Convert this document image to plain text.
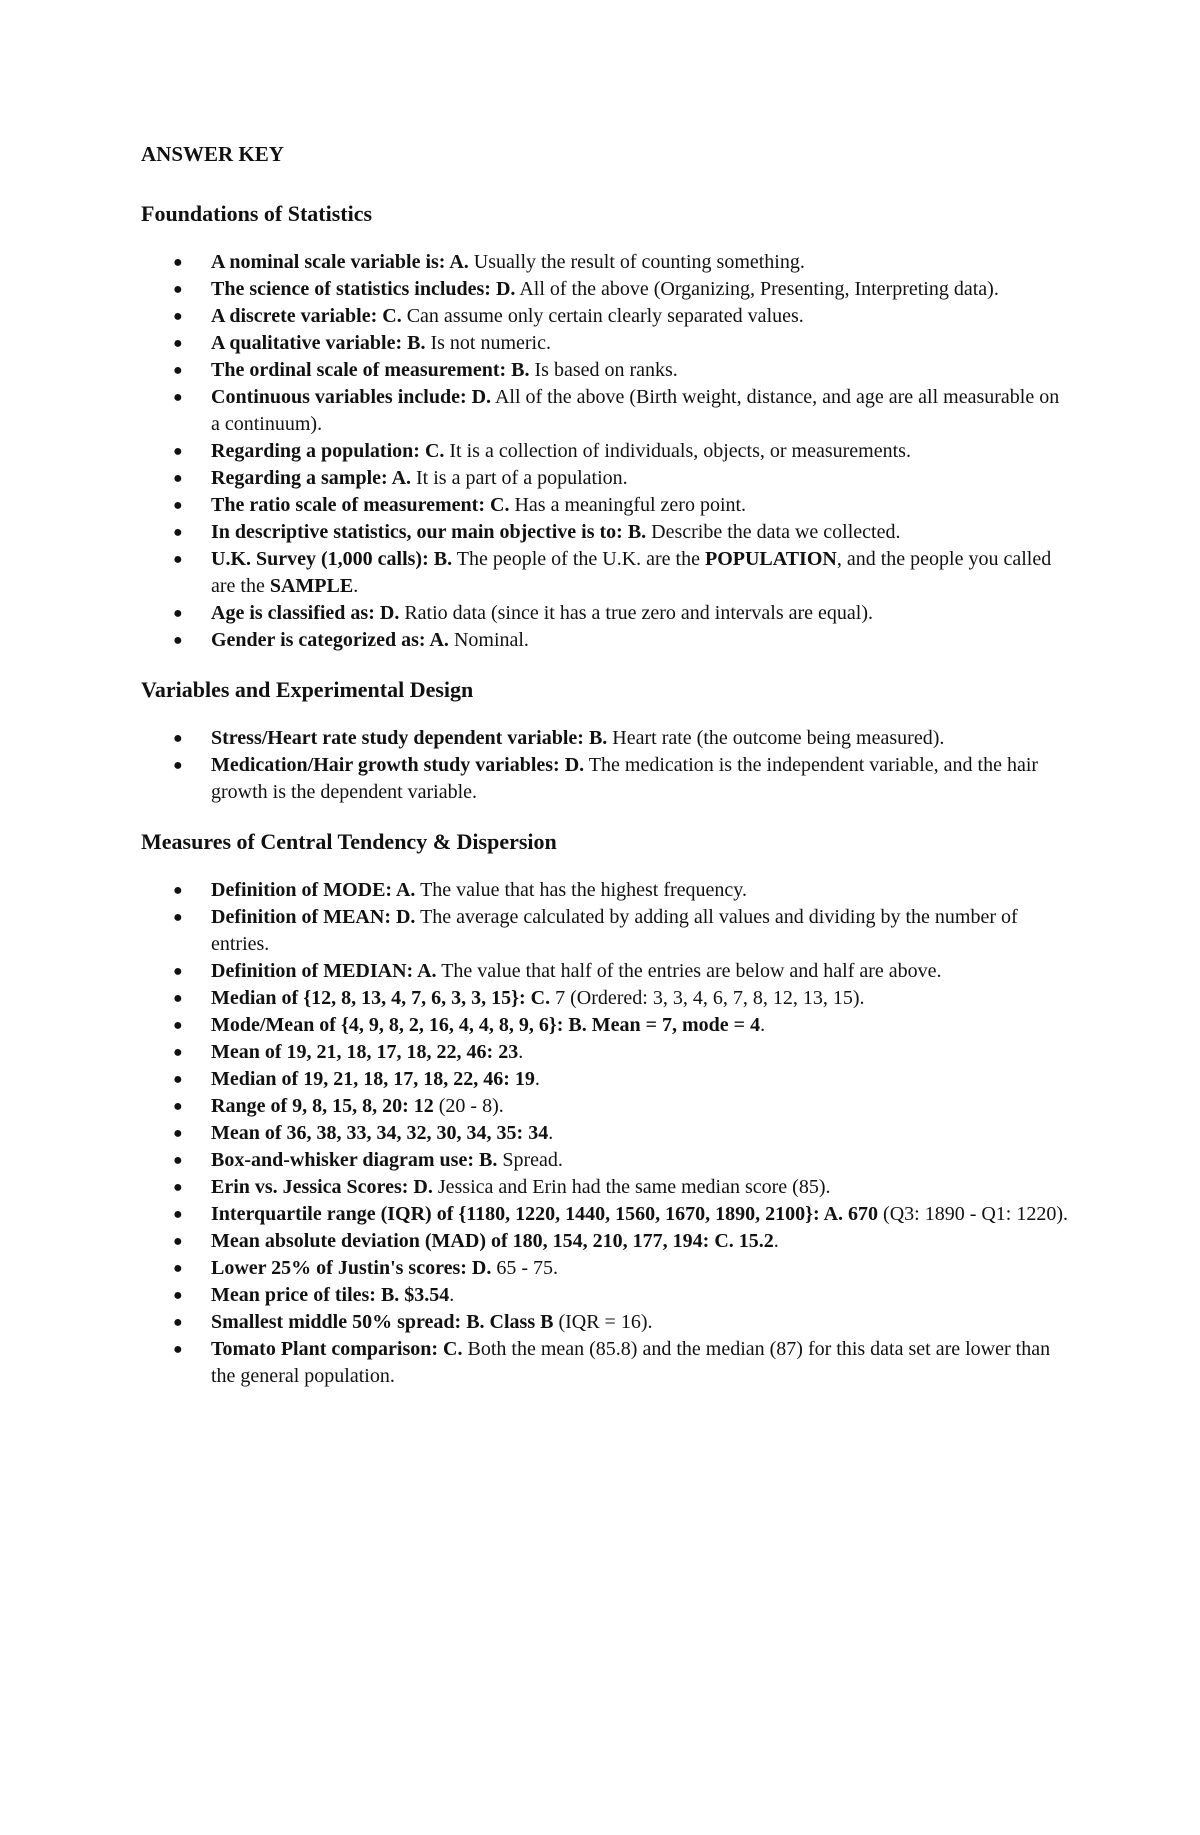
ANSWER KEY
Foundations of Statistics
● A nominal scale variable is: A. Usually the result of counting something.
● The science of statistics includes: D. All of the above (Organizing, Presenting, Interpreting data).
● A discrete variable: C. Can assume only certain clearly separated values.
● A qualitative variable: B. Is not numeric.
● The ordinal scale of measurement: B. Is based on ranks.
● Continuous variables include: D. All of the above (Birth weight, distance, and age are all measurable on a continuum).
● Regarding a population: C. It is a collection of individuals, objects, or measurements.
● Regarding a sample: A. It is a part of a population.
● The ratio scale of measurement: C. Has a meaningful zero point.
● In descriptive statistics, our main objective is to: B. Describe the data we collected.
● U.K. Survey (1,000 calls): B. The people of the U.K. are the POPULATION, and the people you called are the SAMPLE.
● Age is classified as: D. Ratio data (since it has a true zero and intervals are equal).
● Gender is categorized as: A. Nominal.
Variables and Experimental Design
● Stress/Heart rate study dependent variable: B. Heart rate (the outcome being measured).
● Medication/Hair growth study variables: D. The medication is the independent variable, and the hair growth is the dependent variable.
Measures of Central Tendency & Dispersion
● Definition of MODE: A. The value that has the highest frequency.
● Definition of MEAN: D. The average calculated by adding all values and dividing by the number of entries.
● Definition of MEDIAN: A. The value that half of the entries are below and half are above.
● Median of {12, 8, 13, 4, 7, 6, 3, 3, 15}: C. 7 (Ordered: 3, 3, 4, 6, 7, 8, 12, 13, 15).
● Mode/Mean of {4, 9, 8, 2, 16, 4, 4, 8, 9, 6}: B. Mean = 7, mode = 4.
● Mean of 19, 21, 18, 17, 18, 22, 46: 23.
● Median of 19, 21, 18, 17, 18, 22, 46: 19.
● Range of 9, 8, 15, 8, 20: 12 (20 - 8).
● Mean of 36, 38, 33, 34, 32, 30, 34, 35: 34.
● Box-and-whisker diagram use: B. Spread.
● Erin vs. Jessica Scores: D. Jessica and Erin had the same median score (85).
● Interquartile range (IQR) of {1180, 1220, 1440, 1560, 1670, 1890, 2100}: A. 670 (Q3: 1890 - Q1: 1220).
● Mean absolute deviation (MAD) of 180, 154, 210, 177, 194: C. 15.2.
● Lower 25% of Justin's scores: D. 65 - 75.
● Mean price of tiles: B. $3.54.
● Smallest middle 50% spread: B. Class B (IQR = 16).
● Tomato Plant comparison: C. Both the mean (85.8) and the median (87) for this data set are lower than the general population.
